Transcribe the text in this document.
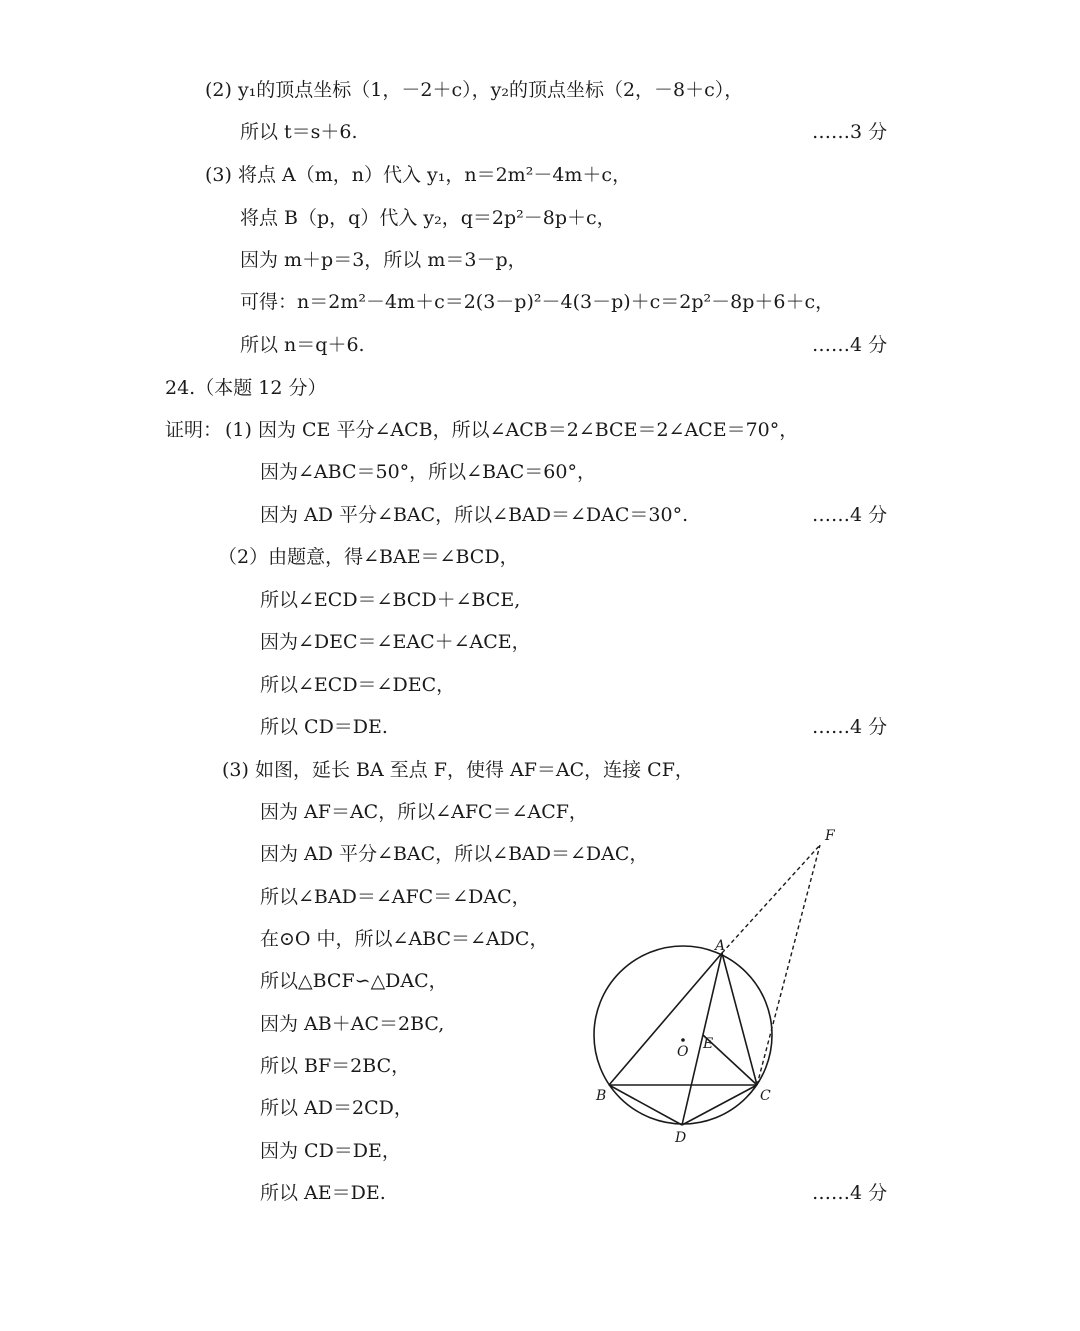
(2) y₁的顶点坐标（1，－2＋c），y₂的顶点坐标（2，－8＋c），
所以 t＝s＋6.	……3 分
(3) 将点 A（m，n）代入 y₁，n＝2m²－4m＋c，
将点 B（p，q）代入 y₂，q＝2p²－8p＋c，
因为 m＋p＝3，所以 m＝3－p，
可得：n＝2m²－4m＋c＝2(3－p)²－4(3－p)＋c＝2p²－8p＋6＋c，
所以 n＝q＋6.	……4 分
24.（本题 12 分）
证明： (1) 因为 CE 平分∠ACB，所以∠ACB＝2∠BCE＝2∠ACE＝70°，
因为∠ABC＝50°，所以∠BAC＝60°，
因为 AD 平分∠BAC，所以∠BAD＝∠DAC＝30°.	……4 分
（2）由题意，得∠BAE＝∠BCD，
所以∠ECD＝∠BCD＋∠BCE,
因为∠DEC＝∠EAC＋∠ACE，
所以∠ECD＝∠DEC，
所以 CD＝DE.	……4 分
(3) 如图，延长 BA 至点 F，使得 AF＝AC，连接 CF，
因为 AF＝AC，所以∠AFC＝∠ACF，
因为 AD 平分∠BAC，所以∠BAD＝∠DAC，
所以∠BAD＝∠AFC＝∠DAC，
在⊙O 中，所以∠ABC＝∠ADC，
所以△BCF∽△DAC，
因为 AB＋AC＝2BC,
所以 BF＝2BC，
所以 AD＝2CD，
因为 CD＝DE，
所以 AE＝DE.	……4 分
F
A
O E
B	C
D
